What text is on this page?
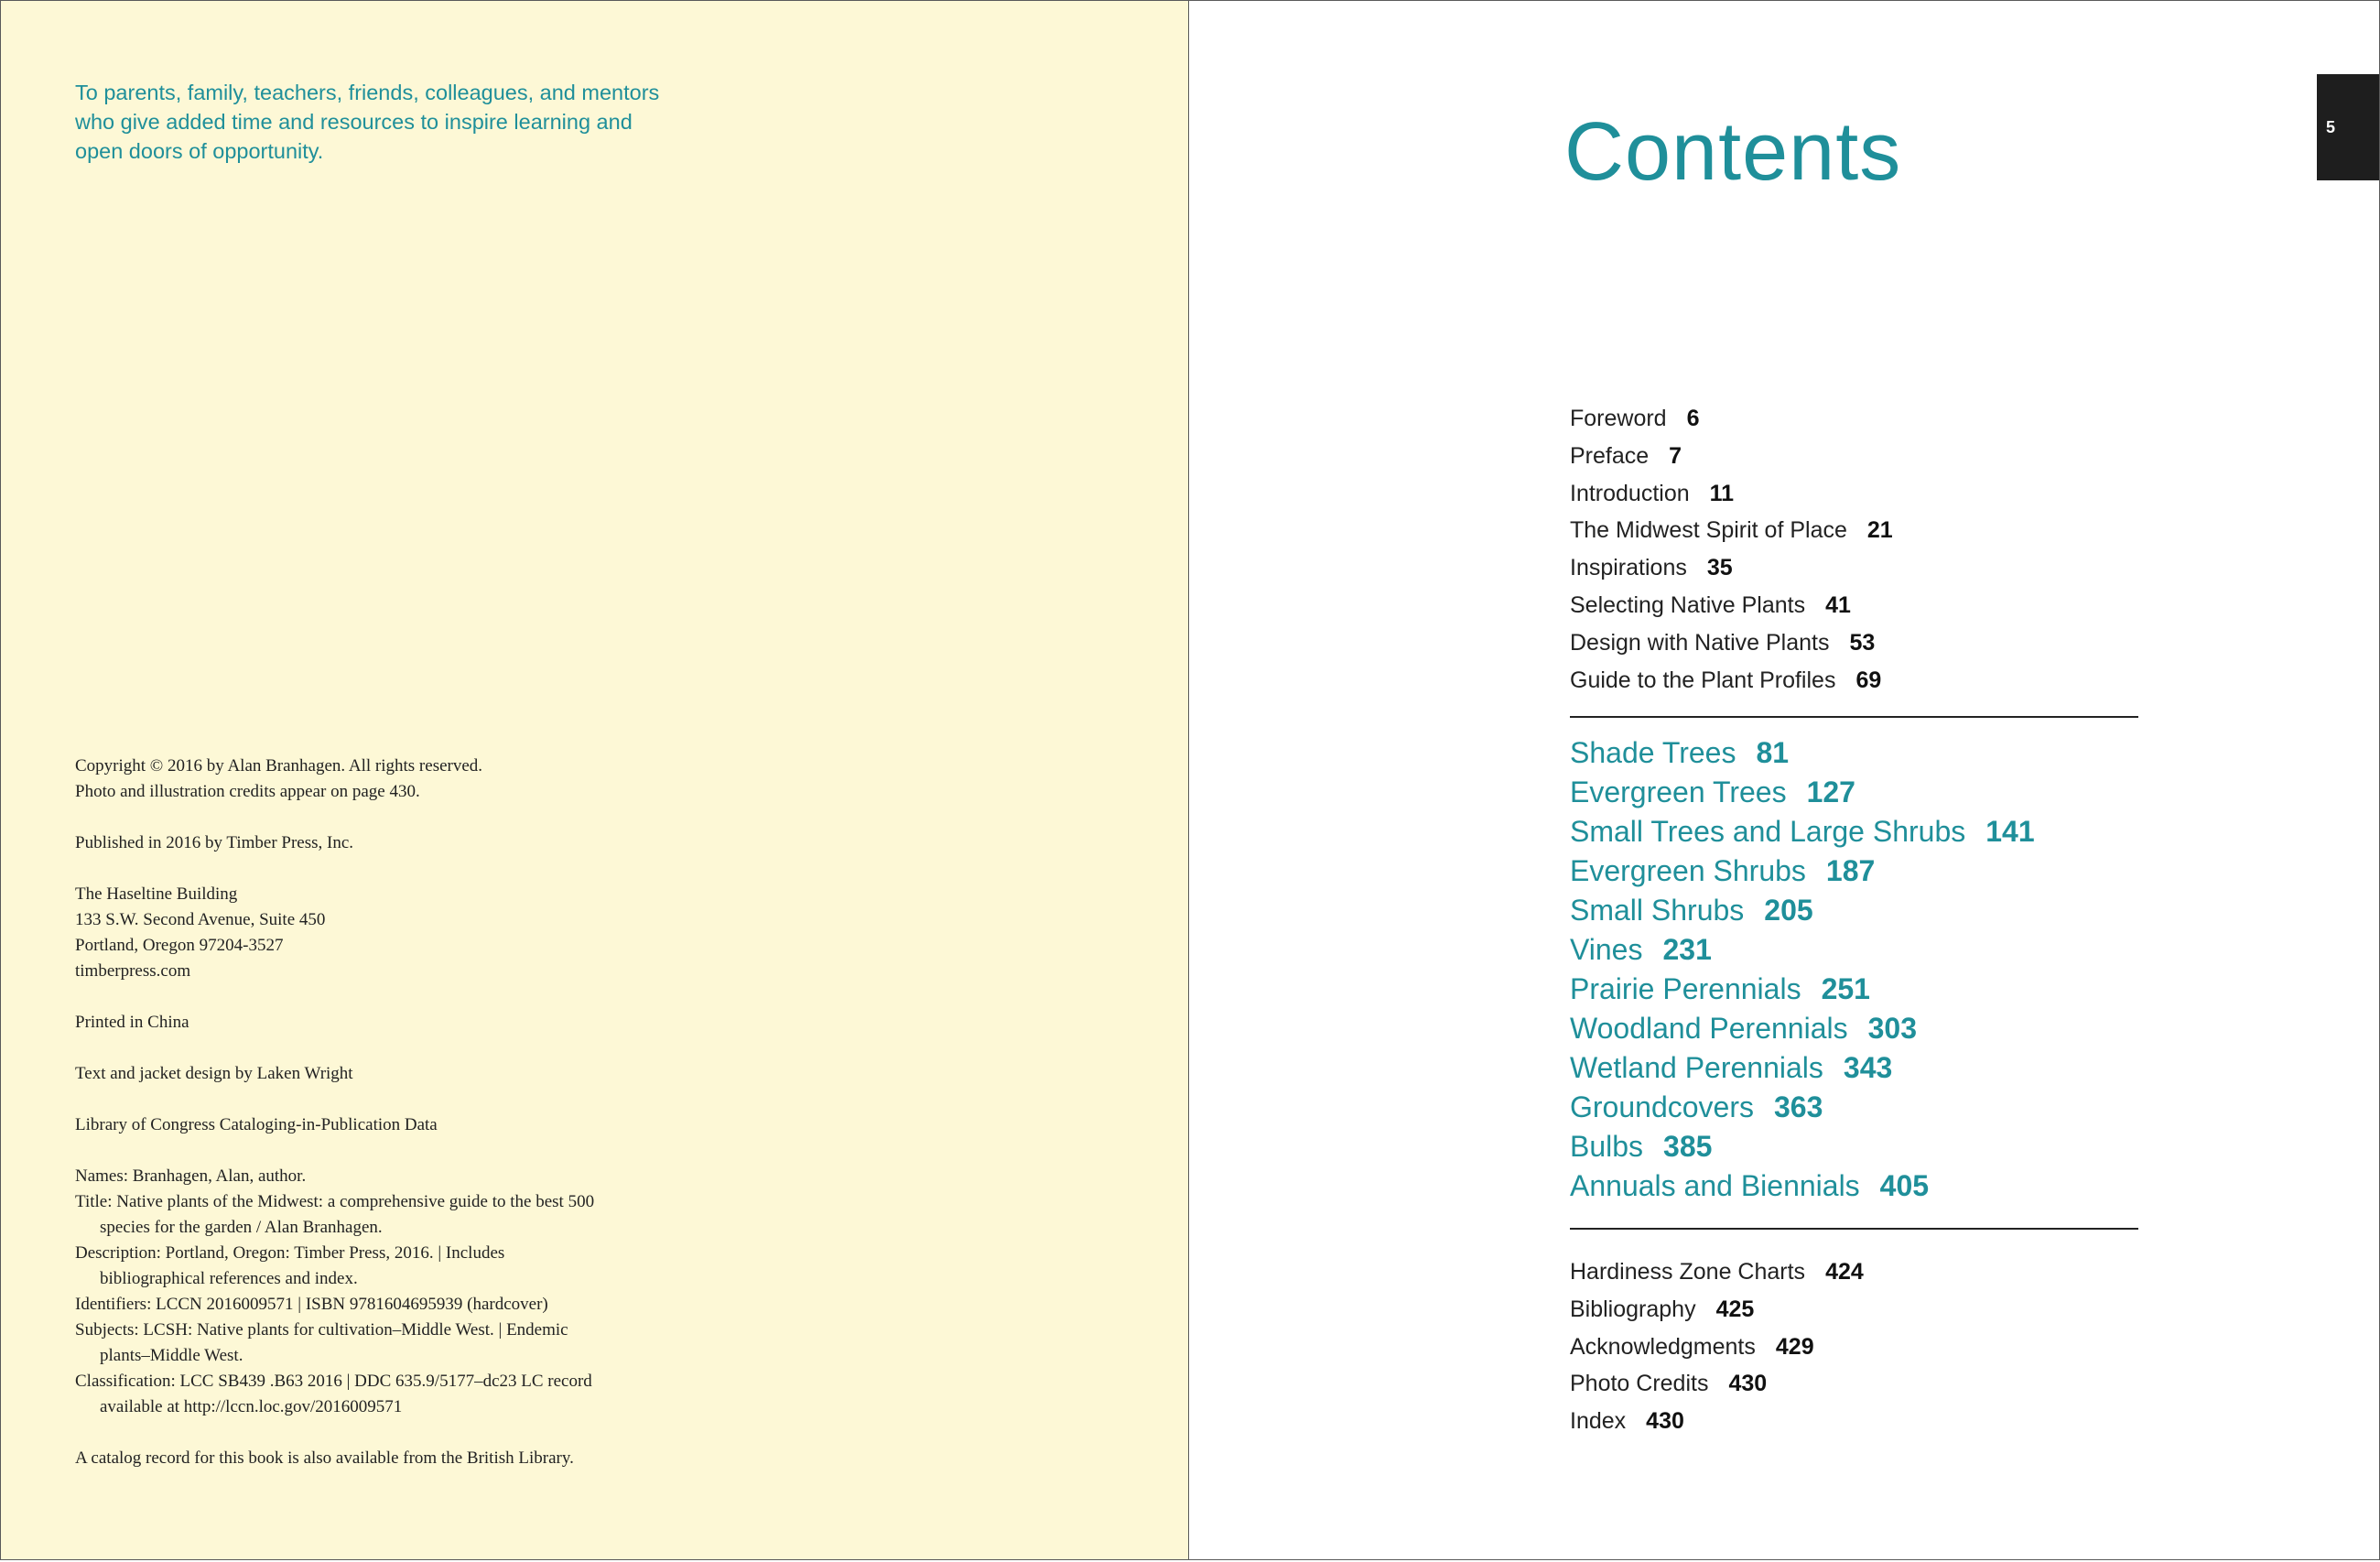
To parents, family, teachers, friends, colleagues, and mentors

who give added time and resources to inspire learning and

open doors of opportunity.

Copyright © 2016 by Alan Branhagen. All rights reserved.
Photo and illustration credits appear on page 430.
Published in 2016 by Timber Press, Inc.
The Haseltine Building
133 S.W. Second Avenue, Suite 450
Portland, Oregon 97204-3527
timberpress.com
Printed in China
Text and jacket design by Laken Wright
Library of Congress Cataloging-in-Publication Data
Names: Branhagen, Alan, author.
Title: Native plants of the Midwest: a comprehensive guide to the best 500
species for the garden / Alan Branhagen.
Description: Portland, Oregon: Timber Press, 2016. | Includes
bibliographical references and index.
Identifiers: LCCN 2016009571 | ISBN 9781604695939 (hardcover)
Subjects: LCSH: Native plants for cultivation–Middle West. | Endemic
plants–Middle West.
Classification: LCC SB439 .B63 2016 | DDC 635.9/5177–dc23 LC record
available at http://lccn.loc.gov/2016009571
A catalog record for this book is also available from the British Library.
5
Contents
Foreword 6
Preface 7
Introduction 11
The Midwest Spirit of Place 21
Inspirations 35
Selecting Native Plants 41
Design with Native Plants 53
Guide to the Plant Profiles 69
Shade Trees 81
Evergreen Trees 127
Small Trees and Large Shrubs 141
Evergreen Shrubs 187
Small Shrubs 205
Vines 231
Prairie Perennials 251
Woodland Perennials 303
Wetland Perennials 343
Groundcovers 363
Bulbs 385
Annuals and Biennials 405
Hardiness Zone Charts 424
Bibliography 425
Acknowledgments 429
Photo Credits 430
Index 430
